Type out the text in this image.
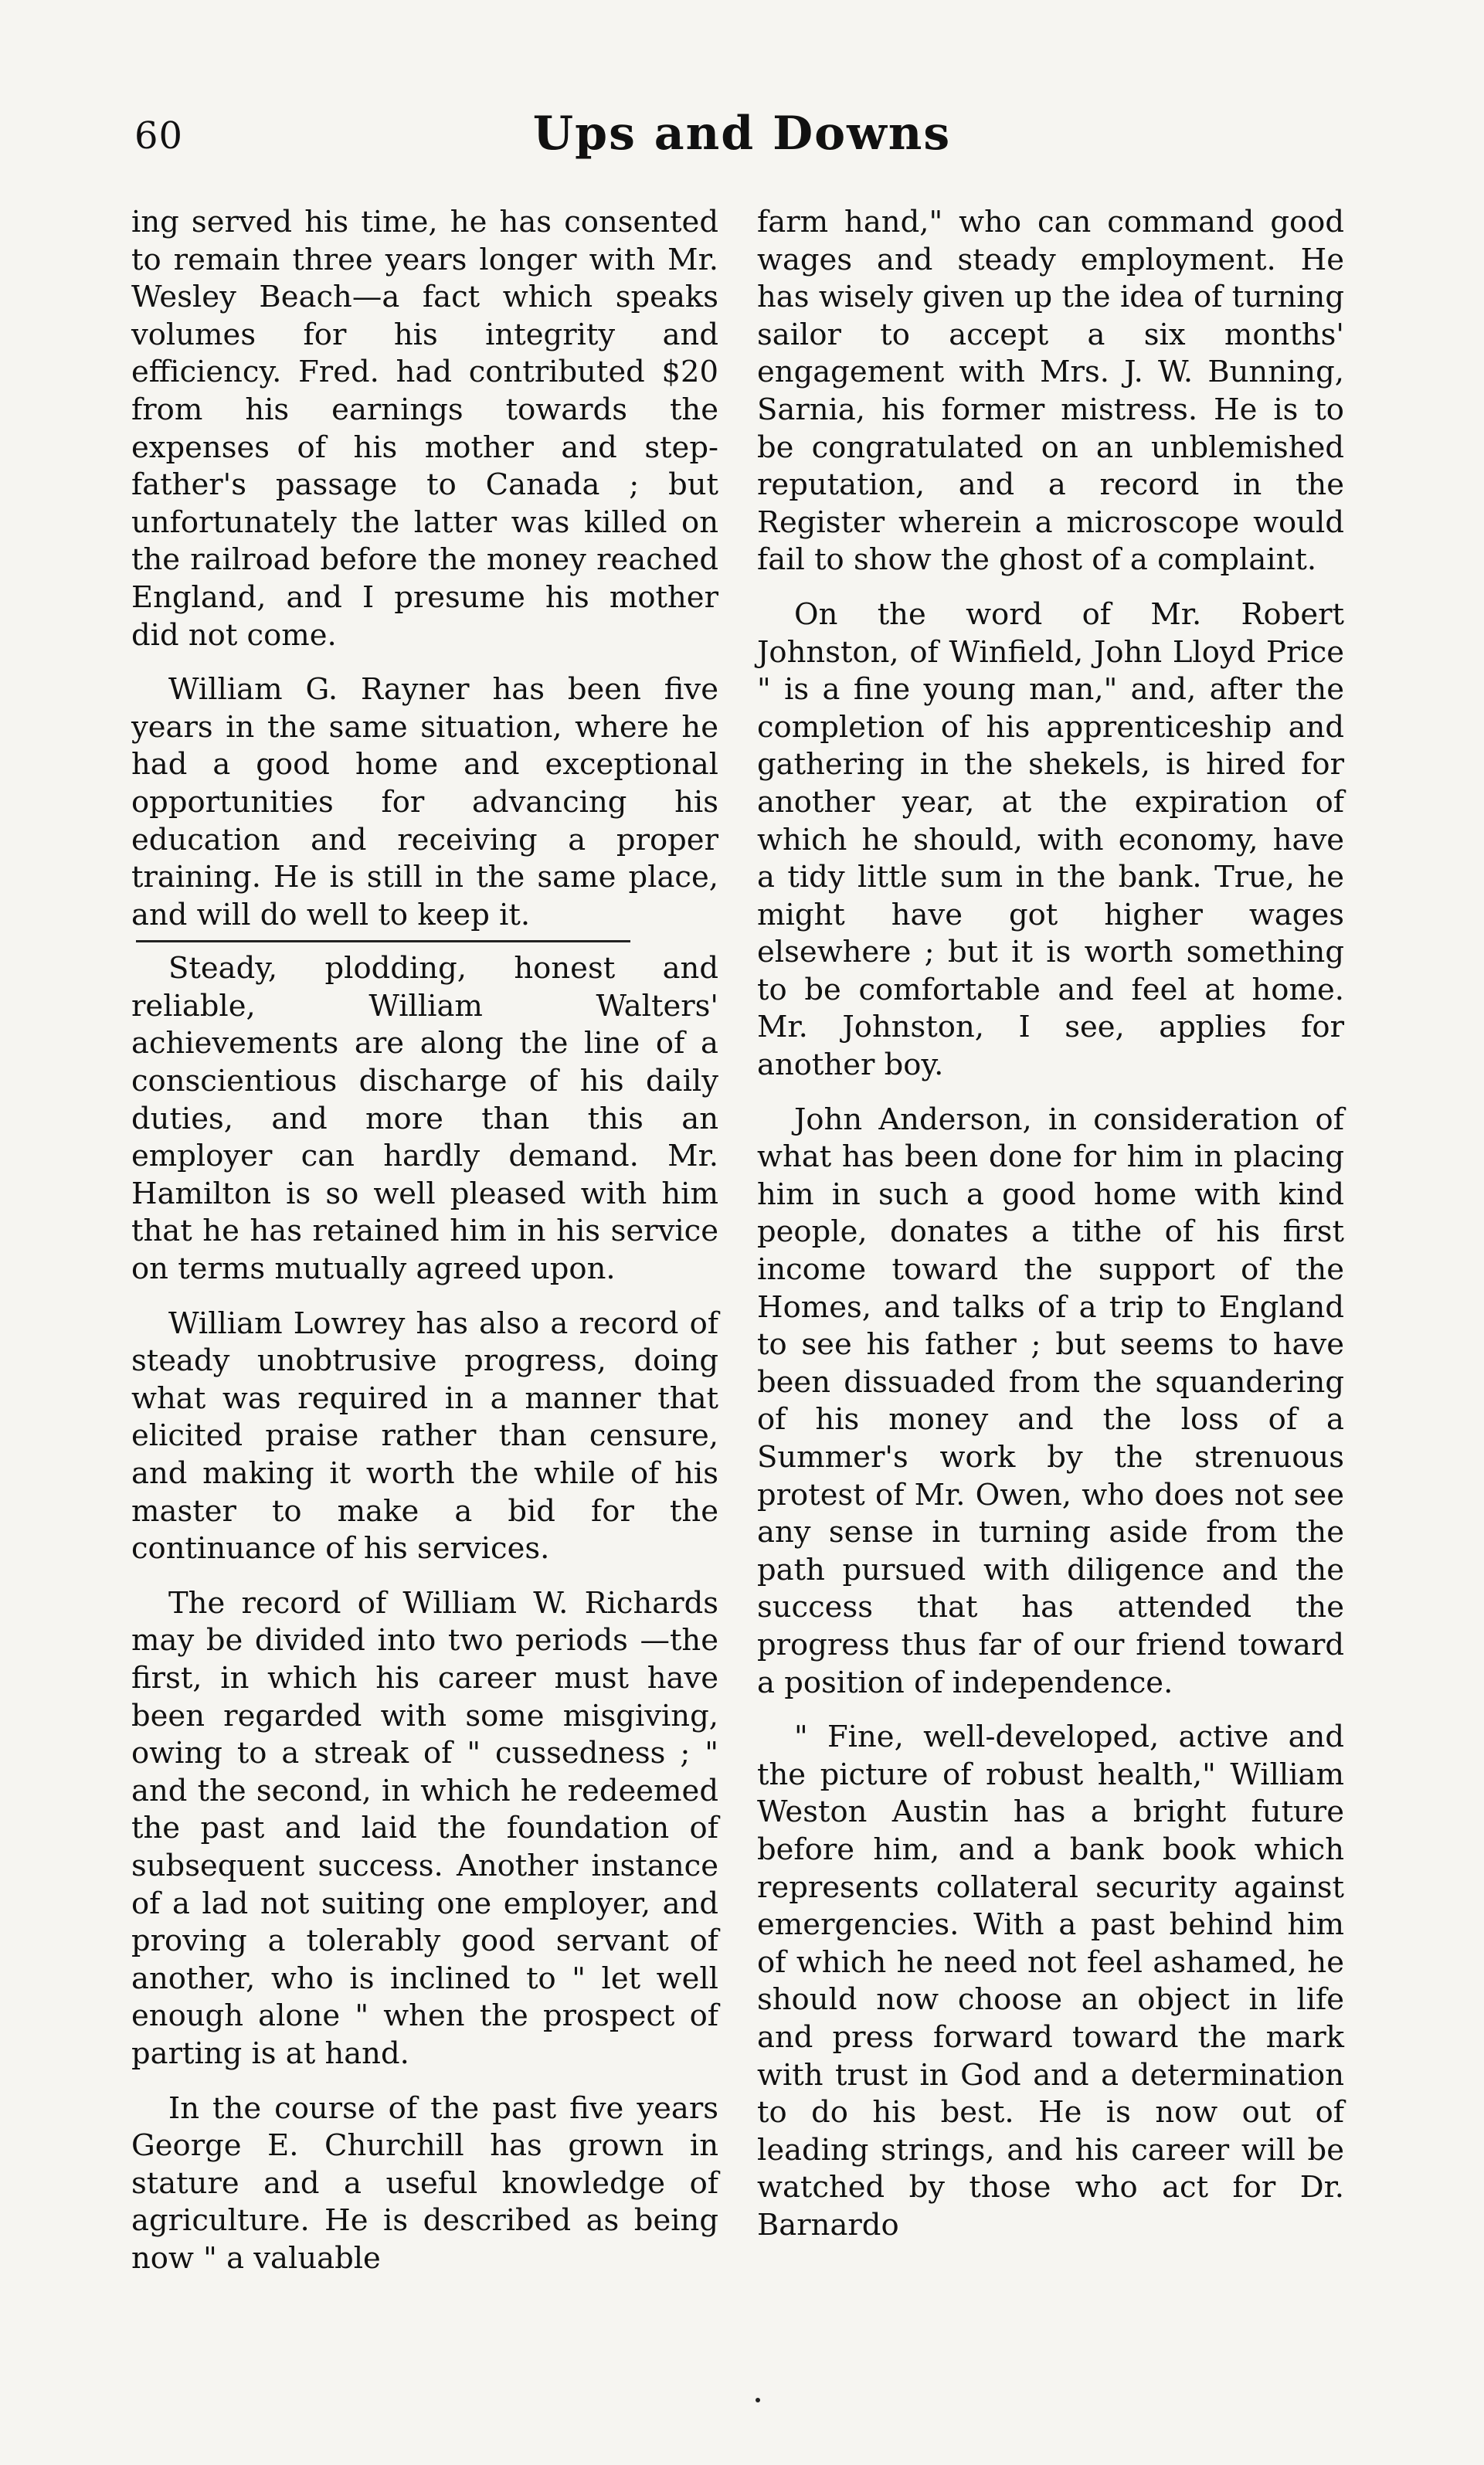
60	Ups and Downs

ing served his time, he has consented to remain three years longer with Mr. Wesley Beach—a fact which speaks volumes for his integrity and efficiency. Fred. had contributed $20 from his earnings towards the expenses of his mother and step-father's passage to Canada ; but unfortunately the latter was killed on the railroad before the money reached England, and I presume his mother did not come.

William G. Rayner has been five years in the same situation, where he had a good home and exceptional opportunities for advancing his education and receiving a proper training. He is still in the same place, and will do well to keep it.

Steady, plodding, honest and reliable, William Walters' achievements are along the line of a conscientious discharge of his daily duties, and more than this an employer can hardly demand. Mr. Hamilton is so well pleased with him that he has retained him in his service on terms mutually agreed upon.

William Lowrey has also a record of steady unobtrusive progress, doing what was required in a manner that elicited praise rather than censure, and making it worth the while of his master to make a bid for the continuance of his services.

The record of William W. Richards may be divided into two periods —the first, in which his career must have been regarded with some misgiving, owing to a streak of " cussedness ; " and the second, in which he redeemed the past and laid the foundation of subsequent success. Another instance of a lad not suiting one employer, and proving a tolerably good servant of another, who is inclined to " let well enough alone " when the prospect of parting is at hand.

In the course of the past five years George E. Churchill has grown in stature and a useful knowledge of agriculture. He is described as being now " a valuable

farm hand," who can command good wages and steady employment. He has wisely given up the idea of turning sailor to accept a six months' engagement with Mrs. J. W. Bunning, Sarnia, his former mistress. He is to be congratulated on an unblemished reputation, and a record in the Register wherein a microscope would fail to show the ghost of a complaint.

On the word of Mr. Robert Johnston, of Winfield, John Lloyd Price " is a fine young man," and, after the completion of his apprenticeship and gathering in the shekels, is hired for another year, at the expiration of which he should, with economy, have a tidy little sum in the bank. True, he might have got higher wages elsewhere ; but it is worth something to be comfortable and feel at home. Mr. Johnston, I see, applies for another boy.

John Anderson, in consideration of what has been done for him in placing him in such a good home with kind people, donates a tithe of his first income toward the support of the Homes, and talks of a trip to England to see his father ; but seems to have been dissuaded from the squandering of his money and the loss of a Summer's work by the strenuous protest of Mr. Owen, who does not see any sense in turning aside from the path pursued with diligence and the success that has attended the progress thus far of our friend toward a position of independence.

" Fine, well-developed, active and the picture of robust health," William Weston Austin has a bright future before him, and a bank book which represents collateral security against emergencies. With a past behind him of which he need not feel ashamed, he should now choose an object in life and press forward toward the mark with trust in God and a determination to do his best. He is now out of leading strings, and his career will be watched by those who act for Dr. Barnardo
